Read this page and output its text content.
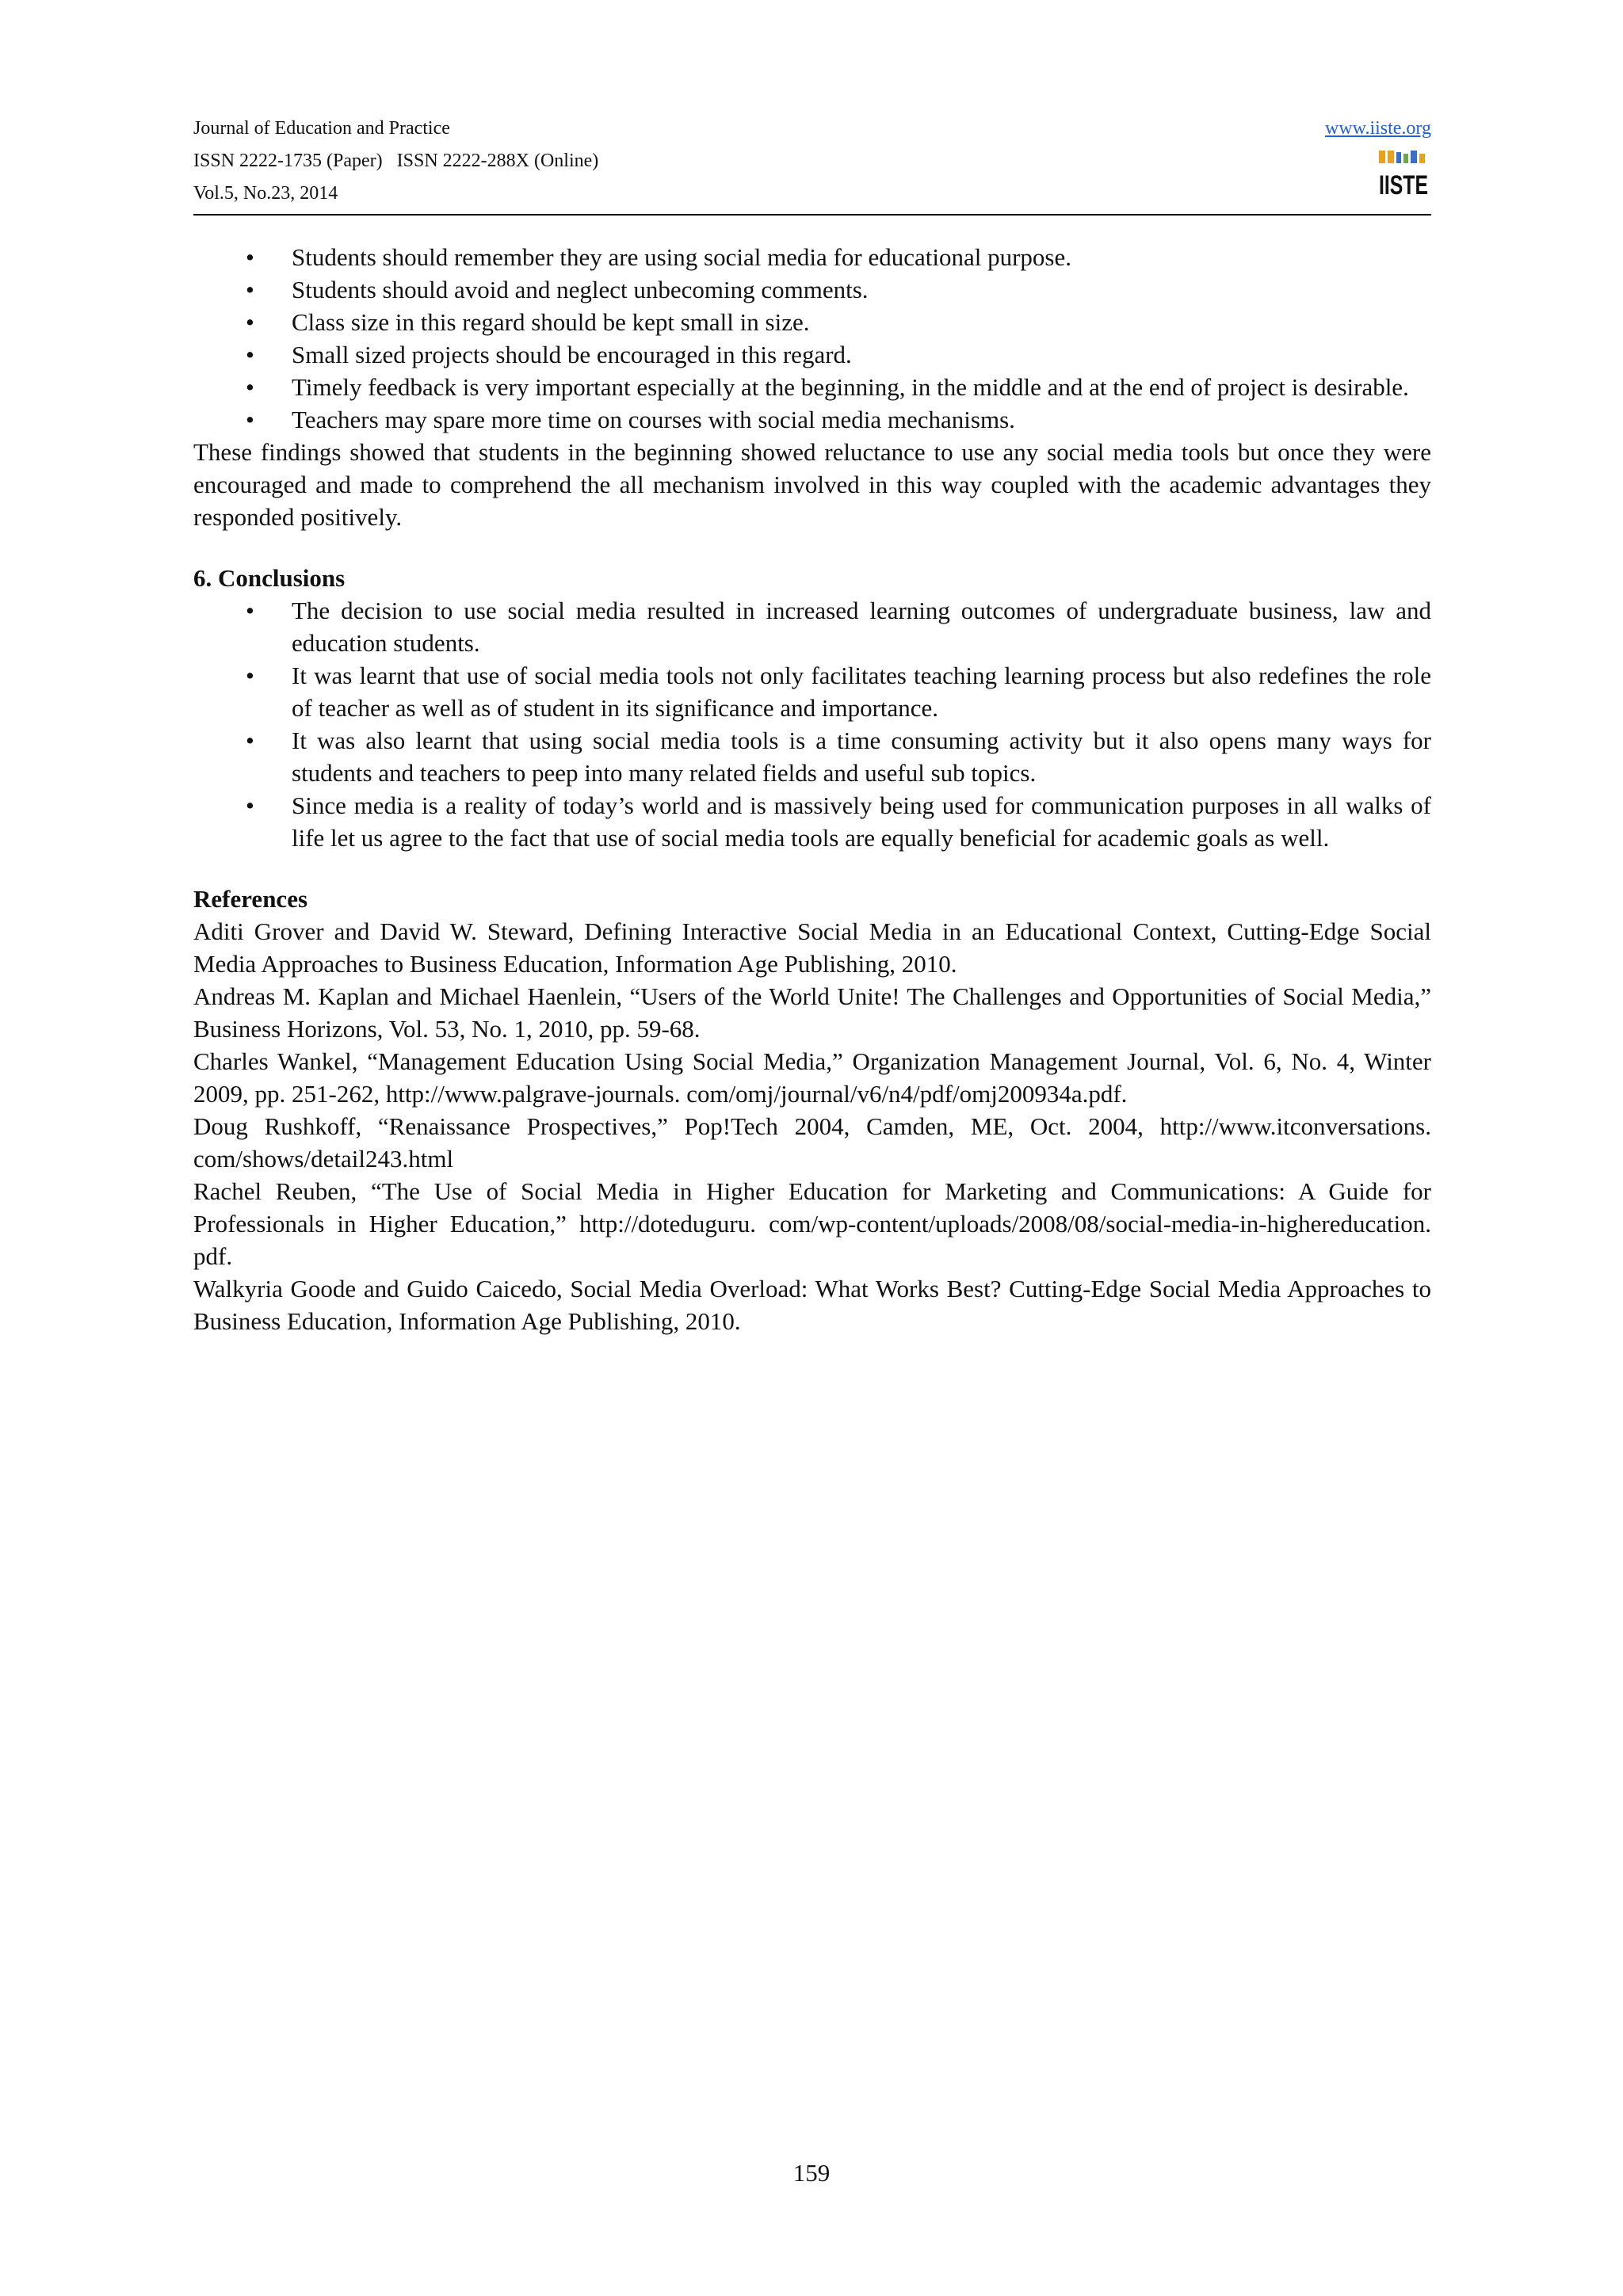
Journal of Education and Practice
ISSN 2222-1735 (Paper)   ISSN 2222-288X (Online)
Vol.5, No.23, 2014
www.iiste.org
IISTE
• Students should remember they are using social media for educational purpose.
• Students should avoid and neglect unbecoming comments.
• Class size in this regard should be kept small in size.
• Small sized projects should be encouraged in this regard.
• Timely feedback is very important especially at the beginning, in the middle and at the end of project is desirable.
• Teachers may spare more time on courses with social media mechanisms.

These findings showed that students in the beginning showed reluctance to use any social media tools but once they were encouraged and made to comprehend the all mechanism involved in this way coupled with the academic advantages they responded positively.

6. Conclusions

• The decision to use social media resulted in increased learning outcomes of undergraduate business, law and education students.
• It was learnt that use of social media tools not only facilitates teaching learning process but also redefines the role of teacher as well as of student in its significance and importance.
• It was also learnt that using social media tools is a time consuming activity but it also opens many ways for students and teachers to peep into many related fields and useful sub topics.
• Since media is a reality of today’s world and is massively being used for communication purposes in all walks of life let us agree to the fact that use of social media tools are equally beneficial for academic goals as well.

References

Aditi Grover and David W. Steward, Defining Interactive Social Media in an Educational Context, Cutting-Edge Social Media Approaches to Business Education, Information Age Publishing, 2010.

Andreas M. Kaplan and Michael Haenlein, “Users of the World Unite! The Challenges and Opportunities of Social Media,” Business Horizons, Vol. 53, No. 1, 2010, pp. 59-68.

Charles Wankel, “Management Education Using Social Media,” Organization Management Journal, Vol. 6, No. 4, Winter 2009, pp. 251-262, http://www.palgrave-journals. com/omj/journal/v6/n4/pdf/omj200934a.pdf.

Doug Rushkoff, “Renaissance Prospectives,” Pop!Tech 2004, Camden, ME, Oct. 2004, http://www.itconversations. com/shows/detail243.html

Rachel Reuben, “The Use of Social Media in Higher Education for Marketing and Communications: A Guide for Professionals in Higher Education,” http://doteduguru. com/wp-content/uploads/2008/08/social-media-in-highereducation. pdf.

Walkyria Goode and Guido Caicedo, Social Media Overload: What Works Best? Cutting-Edge Social Media Approaches to Business Education, Information Age Publishing, 2010.

159
